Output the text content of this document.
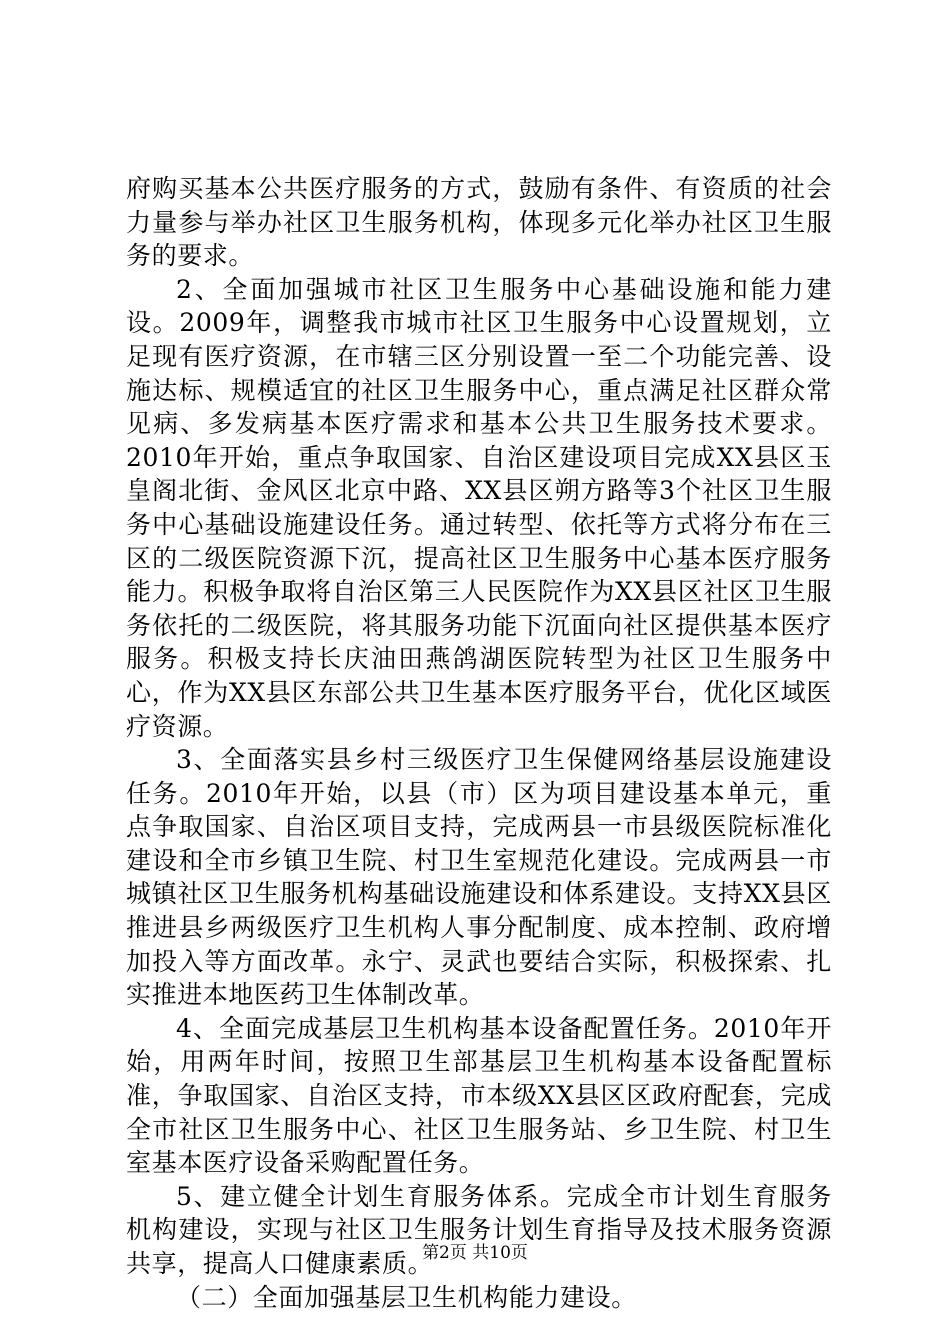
府购买基本公共医疗服务的方式，鼓励有条件、有资质的社会力量参与举办社区卫生服务机构，体现多元化举办社区卫生服务的要求。

2、全面加强城市社区卫生服务中心基础设施和能力建设。2009年，调整我市城市社区卫生服务中心设置规划，立足现有医疗资源，在市辖三区分别设置一至二个功能完善、设施达标、规模适宜的社区卫生服务中心，重点满足社区群众常见病、多发病基本医疗需求和基本公共卫生服务技术要求。2010年开始，重点争取国家、自治区建设项目完成XX县区玉皇阁北街、金风区北京中路、XX县区朔方路等3个社区卫生服务中心基础设施建设任务。通过转型、依托等方式将分布在三区的二级医院资源下沉，提高社区卫生服务中心基本医疗服务能力。积极争取将自治区第三人民医院作为XX县区社区卫生服务依托的二级医院，将其服务功能下沉面向社区提供基本医疗服务。积极支持长庆油田燕鸽湖医院转型为社区卫生服务中心，作为XX县区东部公共卫生基本医疗服务平台，优化区域医疗资源。

3、全面落实县乡村三级医疗卫生保健网络基层设施建设任务。2010年开始，以县（市）区为项目建设基本单元，重点争取国家、自治区项目支持，完成两县一市县级医院标准化建设和全市乡镇卫生院、村卫生室规范化建设。完成两县一市城镇社区卫生服务机构基础设施建设和体系建设。支持XX县区推进县乡两级医疗卫生机构人事分配制度、成本控制、政府增加投入等方面改革。永宁、灵武也要结合实际，积极探索、扎实推进本地医药卫生体制改革。

4、全面完成基层卫生机构基本设备配置任务。2010年开始，用两年时间，按照卫生部基层卫生机构基本设备配置标准，争取国家、自治区支持，市本级XX县区区政府配套，完成全市社区卫生服务中心、社区卫生服务站、乡卫生院、村卫生室基本医疗设备采购配置任务。

5、建立健全计划生育服务体系。完成全市计划生育服务机构建设，实现与社区卫生服务计划生育指导及技术服务资源共享，提高人口健康素质。

（二）全面加强基层卫生机构能力建设。

第2页 共10页
